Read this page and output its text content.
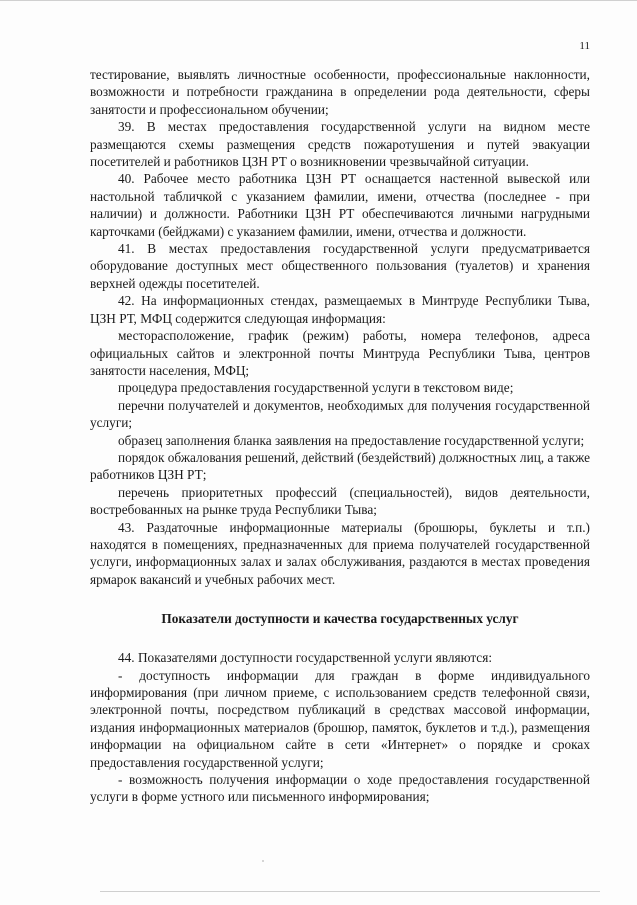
11

тестирование, выявлять личностные особенности, профессиональные наклонности, возможности и потребности гражданина в определении рода деятельности, сферы занятости и профессиональном обучении;

39. В местах предоставления государственной услуги на видном месте размещаются схемы размещения средств пожаротушения и путей эвакуации посетителей и работников ЦЗН РТ о возникновении чрезвычайной ситуации.

40. Рабочее место работника ЦЗН РТ оснащается настенной вывеской или настольной табличкой с указанием фамилии, имени, отчества (последнее - при наличии) и должности. Работники ЦЗН РТ обеспечиваются личными нагрудными карточками (бейджами) с указанием фамилии, имени, отчества и должности.

41. В местах предоставления государственной услуги предусматривается оборудование доступных мест общественного пользования (туалетов) и хранения верхней одежды посетителей.

42. На информационных стендах, размещаемых в Минтруде Республики Тыва, ЦЗН РТ, МФЦ содержится следующая информация:

месторасположение, график (режим) работы, номера телефонов, адреса официальных сайтов и электронной почты Минтруда Республики Тыва, центров занятости населения, МФЦ;

процедура предоставления государственной услуги в текстовом виде;

перечни получателей и документов, необходимых для получения государственной услуги;

образец заполнения бланка заявления на предоставление государственной услуги;

порядок обжалования решений, действий (бездействий) должностных лиц, а также работников ЦЗН РТ;

перечень приоритетных профессий (специальностей), видов деятельности, востребованных на рынке труда Республики Тыва;

43. Раздаточные информационные материалы (брошюры, буклеты и т.п.) находятся в помещениях, предназначенных для приема получателей государственной услуги, информационных залах и залах обслуживания, раздаются в местах проведения ярмарок вакансий и учебных рабочих мест.

Показатели доступности и качества государственных услуг

44. Показателями доступности государственной услуги являются:

- доступность информации для граждан в форме индивидуального информирования (при личном приеме, с использованием средств телефонной связи, электронной почты, посредством публикаций в средствах массовой информации, издания информационных материалов (брошюр, памяток, буклетов и т.д.), размещения информации на официальном сайте в сети «Интернет» о порядке и сроках предоставления государственной услуги;

- возможность получения информации о ходе предоставления государственной услуги в форме устного или письменного информирования;
